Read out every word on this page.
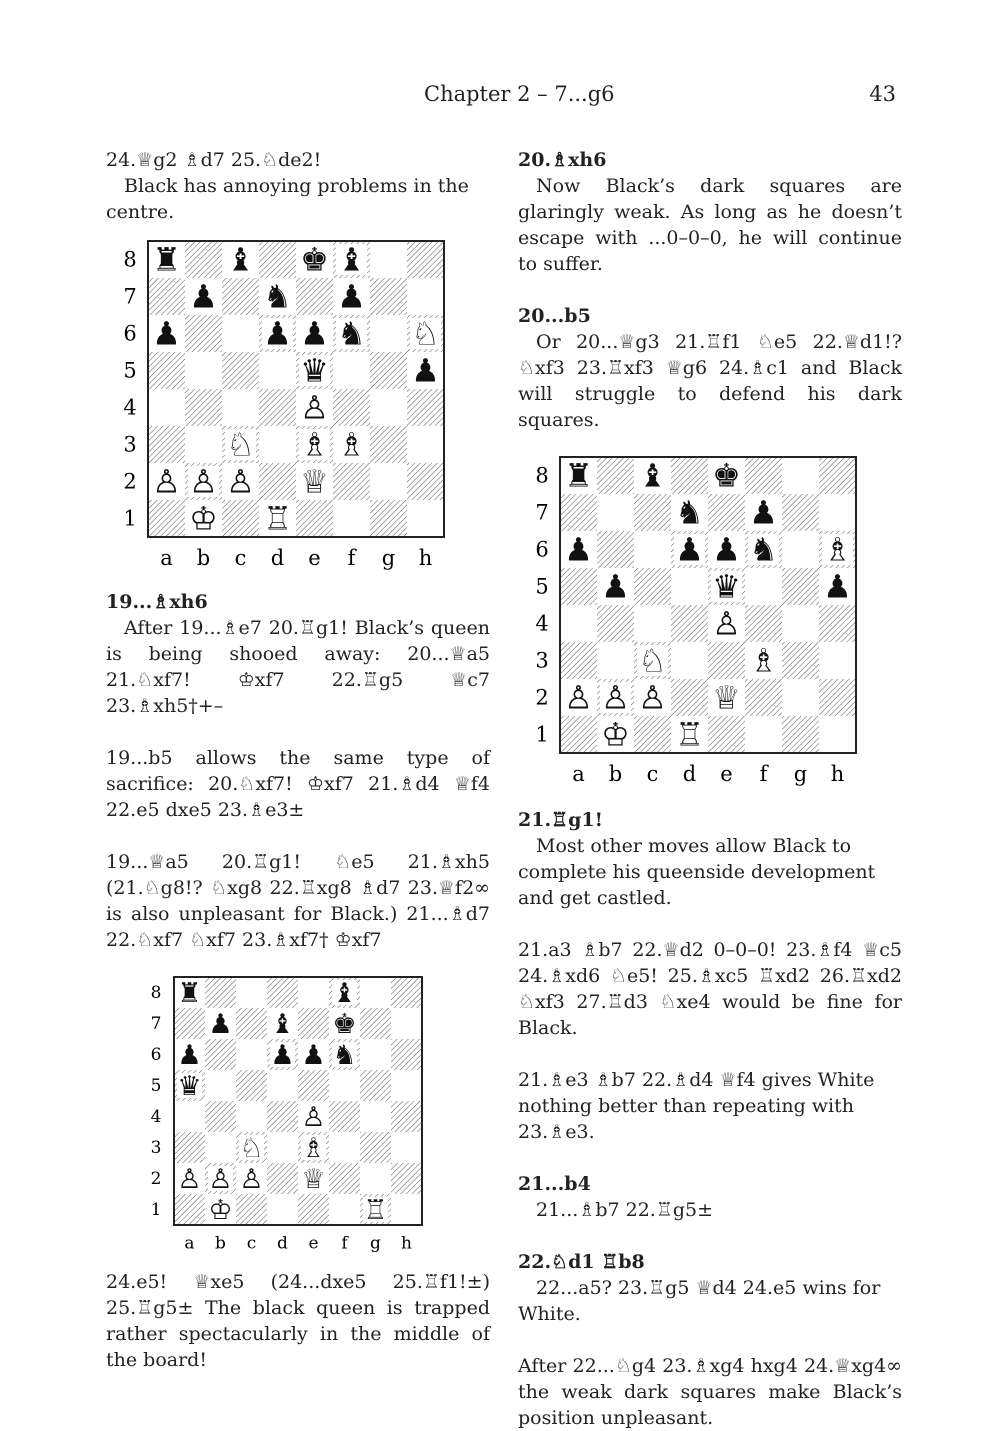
Chapter 2 – 7...g6	43

24.♕g2 ♗d7 25.♘de2!

Black has annoying problems in the centre.

8
7
6
5
4
3
2
1
a b c d e f g h
♜ ♝ ♚ ♝
♟ ♞ ♟
♟	♟ ♟ ♞ ♘
♛	♟
♙
♘ ♗ ♗
♙ ♙ ♙ ♕
♔ ♖

19...♗xh6

After 19...♗e7 20.♖g1! Black’s queen is being shooed away: 20...♕a5 21.♘xf7! ♔xf7 22.♖g5 ♕c7 23.♗xh5†+–

19...b5 allows the same type of sacrifice: 20.♘xf7! ♔xf7 21.♗d4 ♕f4 22.e5 dxe5 23.♗e3±

19...♕a5 20.♖g1! ♘e5 21.♗xh5 (21.♘g8!? ♘xg8 22.♖xg8 ♗d7 23.♕f2∞ is also unpleasant for Black.) 21...♗d7 22.♘xf7 ♘xf7 23.♗xf7† ♔xf7

8
7
6
5
4
3
2
1
a b c d e f g h
♜	♝
♟ ♝ ♚
♟	♟ ♟ ♞
♛
♙
♘ ♗
♙ ♙ ♙ ♕
♔	♖

24.e5! ♕xe5 (24...dxe5 25.♖f1!±) 25.♖g5± The black queen is trapped rather spectacularly in the middle of the board!

20.♗xh6

Now Black’s dark squares are glaringly weak. As long as he doesn’t escape with ...0–0–0, he will continue to suffer.

20...b5

Or 20...♕g3 21.♖f1 ♘e5 22.♕d1!? ♘xf3 23.♖xf3 ♕g6 24.♗c1 and Black will struggle to defend his dark squares.

8
7
6
5
4
3
2
1
a b c d e f g h
♜ ♝ ♚
♞ ♟
♟	♟ ♟ ♞ ♗
♟	♛	♟
♙
♘	♗
♙ ♙ ♙ ♕
♔ ♖

21.♖g1!

Most other moves allow Black to complete his queenside development and get castled.

21.a3 ♗b7 22.♕d2 0–0–0! 23.♗f4 ♕c5 24.♗xd6 ♘e5! 25.♗xc5 ♖xd2 26.♖xd2 ♘xf3 27.♖d3 ♘xe4 would be fine for Black.

21.♗e3 ♗b7 22.♗d4 ♕f4 gives White nothing better than repeating with 23.♗e3.

21...b4

21...♗b7 22.♖g5±

22.♘d1 ♖b8

22...a5? 23.♖g5 ♕d4 24.e5 wins for White.

After 22...♘g4 23.♗xg4 hxg4 24.♕xg4∞ the weak dark squares make Black’s position unpleasant.
